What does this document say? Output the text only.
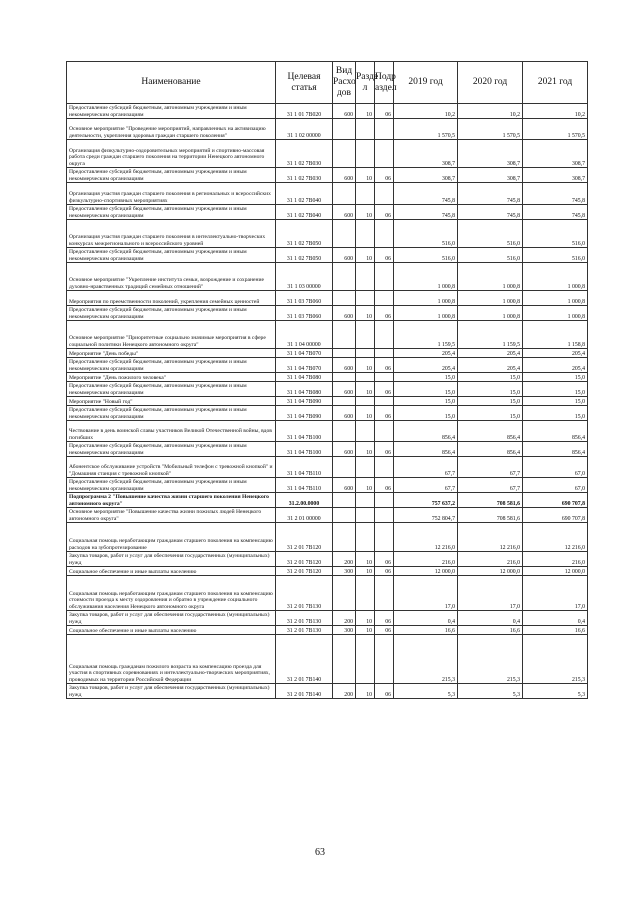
Наименование	Целевая статья	Вид Расхо дов	Разде л	Подр аздел	2019 год	2020 год	2021 год
Предоставление субсидий бюджетным, автономным учреждениям и иным некоммерческим организациям	31 1 01 7В020	600	10	06	10,2	10,2	10,2
Основное мероприятие "Проведение мероприятий, направленных на активизацию деятельности, укрепления здоровья граждан старшего поколения"	31 1 02 00000				1 570,5	1 570,5	1 570,5
Организация физкультурно-оздоровительных мероприятий и спортивно-массовая работа среди граждан старшего поколения на территории Ненецкого автономного округа	31 1 02 7В030				308,7	308,7	308,7
Предоставление субсидий бюджетным, автономным учреждениям и иным некоммерческим организациям	31 1 02 7В030	600	10	06	308,7	308,7	308,7
Организация участия граждан старшего поколения в региональных и всероссийских физкультурно-спортивных мероприятиях	31 1 02 7В040				745,8	745,8	745,8
Предоставление субсидий бюджетным, автономным учреждениям и иным некоммерческим организациям	31 1 02 7В040	600	10	06	745,8	745,8	745,8
Организация участия граждан старшего поколения в интеллектуально-творческих конкурсах межрегионального и всероссийского уровней	31 1 02 7В050				516,0	516,0	516,0
Предоставление субсидий бюджетным, автономным учреждениям и иным некоммерческим организациям	31 1 02 7В050	600	10	06	516,0	516,0	516,0
Основное мероприятие "Укрепление института семьи, возрождение и сохранение духовно-нравственных традиций семейных отношений"	31 1 03 00000				1 000,8	1 000,8	1 000,8
Мероприятия по преемственности поколений, укрепления семейных ценностей	31 1 03 7В060				1 000,8	1 000,8	1 000,8
Предоставление субсидий бюджетным, автономным учреждениям и иным некоммерческим организациям	31 1 03 7В060	600	10	06	1 000,8	1 000,8	1 000,8
Основное мероприятие "Приоритетные социально значимые мероприятия в сфере социальной политики Ненецкого автономного округа"	31 1 04 00000				1 159,5	1 159,5	1 158,8
Мероприятие "День победы"	31 1 04 7В070				205,4	205,4	205,4
Предоставление субсидий бюджетным, автономным учреждениям и иным некоммерческим организациям	31 1 04 7В070	600	10	06	205,4	205,4	205,4
Мероприятие "День пожилого человека"	31 1 04 7В080				15,0	15,0	15,0
Предоставление субсидий бюджетным, автономным учреждениям и иным некоммерческим организациям	31 1 04 7В080	600	10	06	15,0	15,0	15,0
Мероприятие "Новый год"	31 1 04 7В090				15,0	15,0	15,0
Предоставление субсидий бюджетным, автономным учреждениям и иным некоммерческим организациям	31 1 04 7В090	600	10	06	15,0	15,0	15,0
Чествование в день воинской славы участников Великой Отечественной войны, вдов погибших	31 1 04 7В100				856,4	856,4	856,4
Предоставление субсидий бюджетным, автономным учреждениям и иным некоммерческим организациям	31 1 04 7В100	600	10	06	856,4	856,4	856,4
Абонентское обслуживание устройств "Мобильный телефон с тревожной кнопкой" и "Домашняя станция с тревожной кнопкой"	31 1 04 7В110				67,7	67,7	67,0
Предоставление субсидий бюджетным, автономным учреждениям и иным некоммерческим организациям	31 1 04 7В110	600	10	06	67,7	67,7	67,0
Подпрограмма 2 "Повышение качества жизни старшего поколения Ненецкого автономного округа"	31.2.00.0000				757 637,2	708 581,6	690 707,8
Основное мероприятие "Повышение качества жизни пожилых людей Ненецкого автономного округа"	31 2 01 00000				752 804,7	708 581,6	690 707,8
Социальная помощь неработающим гражданам старшего поколения на компенсацию расходов на зубопротезирование	31 2 01 7В120				12 216,0	12 216,0	12 216,0
Закупка товаров, работ и услуг для обеспечения государственных (муниципальных) нужд	31 2 01 7В120	200	10	06	216,0	216,0	216,0
Социальное обеспечение и иные выплаты населению	31 2 01 7В120	300	10	06	12 000,0	12 000,0	12 000,0
Социальная помощь неработающим гражданам старшего поколения на компенсацию стоимости проезда к месту оздоровления и обратно в учреждение социального обслуживания населения Ненецкого автономного округа	31 2 01 7В130				17,0	17,0	17,0
Закупка товаров, работ и услуг для обеспечения государственных (муниципальных) нужд	31 2 01 7В130	200	10	06	0,4	0,4	0,4
Социальное обеспечение и иные выплаты населению	31 2 01 7В130	300	10	06	16,6	16,6	16,6
Социальная помощь гражданам пожилого возраста на компенсацию проезда для участия в спортивных соревнованиях и интеллектуально-творческих мероприятиях, проводимых на территории Российской Федерации	31 2 01 7В140				215,3	215,3	215,3
Закупка товаров, работ и услуг для обеспечения государственных (муниципальных) нужд	31 2 01 7В140	200	10	06	5,3	5,3	5,3
63
